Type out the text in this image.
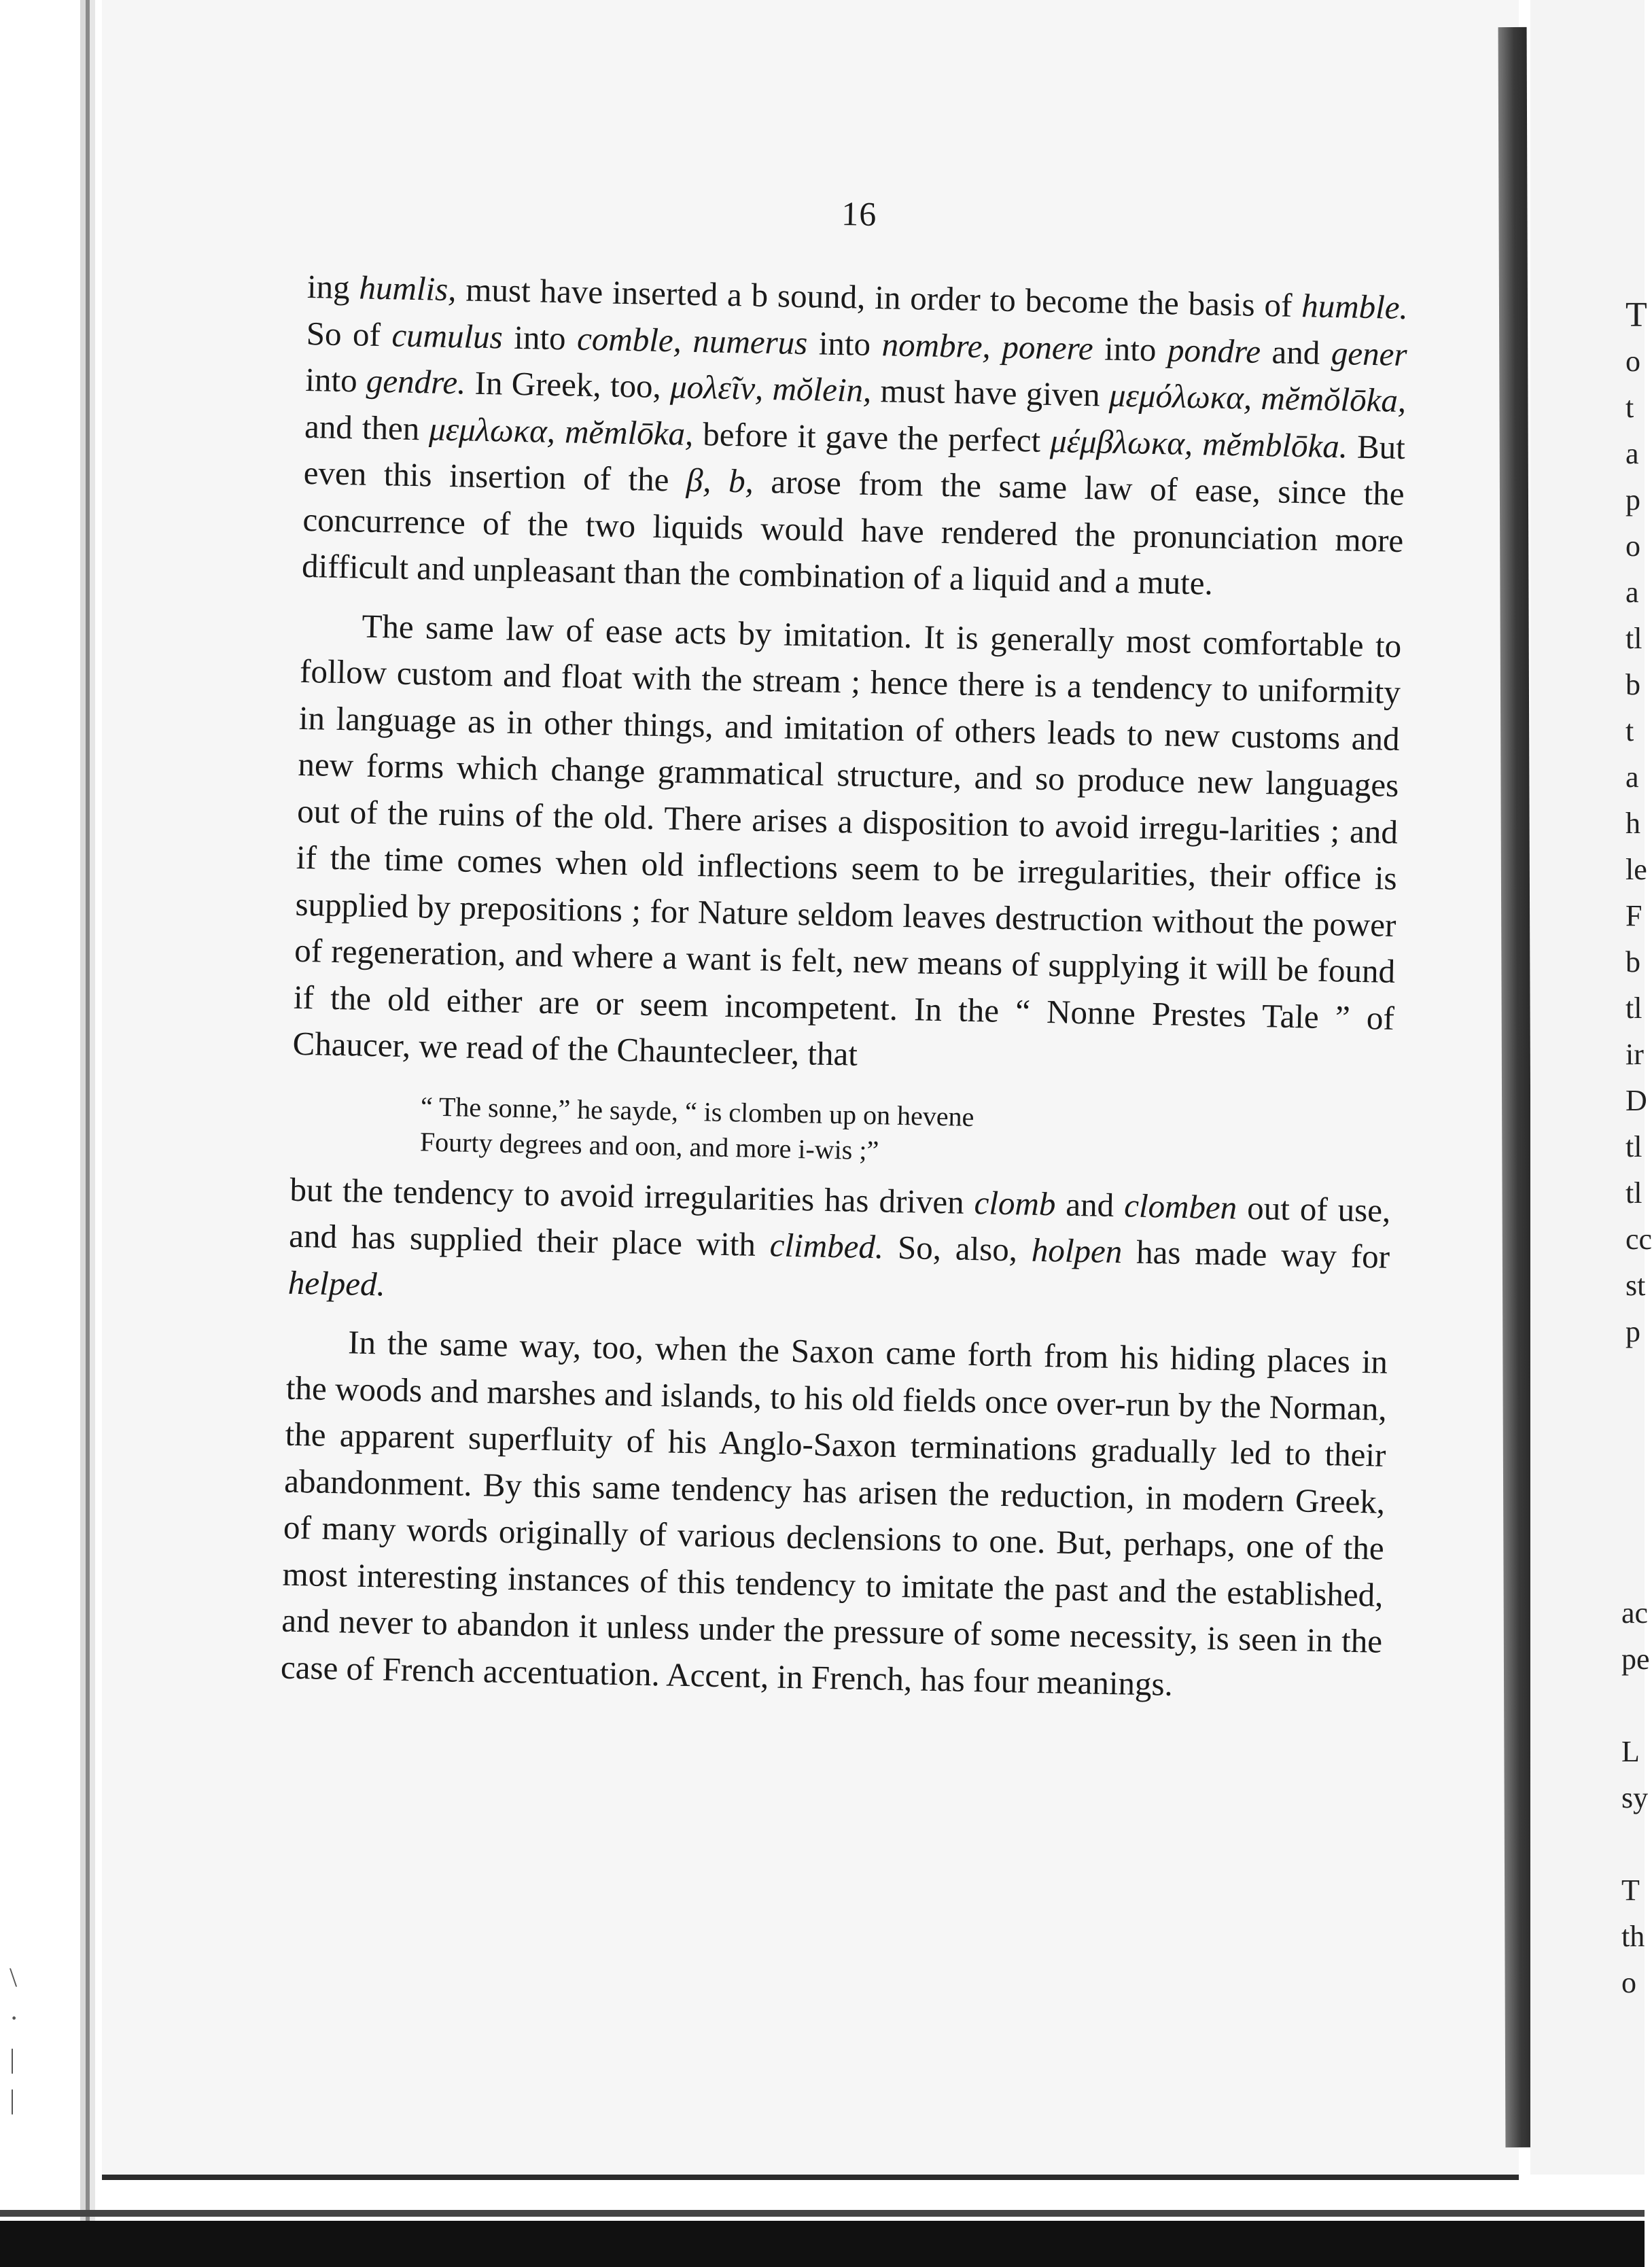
\
·
|
|
16

ing humlis, must have inserted a b sound, in order to become the basis of humble. So of cumulus into comble, numerus into nombre, ponere into pondre and gener into gendre. In Greek, too, μολεῖν, mŏlein, must have given μεμόλωκα, mĕmŏlōka, and then μεμλωκα, mĕmlōka, before it gave the perfect μέμβλωκα, mĕmblōka. But even this insertion of the β, b, arose from the same law of ease, since the concurrence of the two liquids would have rendered the pronunciation more difficult and unpleasant than the combination of a liquid and a mute.

The same law of ease acts by imitation. It is generally most comfortable to follow custom and float with the stream ; hence there is a tendency to uniformity in language as in other things, and imitation of others leads to new customs and new forms which change grammatical structure, and so produce new languages out of the ruins of the old. There arises a disposition to avoid irregu-larities ; and if the time comes when old inflections seem to be irregularities, their office is supplied by prepositions ; for Nature seldom leaves destruction without the power of regeneration, and where a want is felt, new means of supplying it will be found if the old either are or seem incompetent. In the “ Nonne Prestes Tale ” of Chaucer, we read of the Chauntecleer, that

“ The sonne,” he sayde, “ is clomben up on hevene
Fourty degrees and oon, and more i-wis ;”

but the tendency to avoid irregularities has driven clomb and clomben out of use, and has supplied their place with climbed. So, also, holpen has made way for helped.

In the same way, too, when the Saxon came forth from his hiding places in the woods and marshes and islands, to his old fields once over-run by the Norman, the apparent superfluity of his Anglo-Saxon terminations gradually led to their abandonment. By this same tendency has arisen the reduction, in modern Greek, of many words originally of various declensions to one. But, perhaps, one of the most interesting instances of this tendency to imitate the past and the established, and never to abandon it unless under the pressure of some necessity, is seen in the case of French accentuation. Accent, in French, has four meanings.

T
o
t
a
p
o
a
tl
b
t
a
h
le
F
b
tl
ir
D
tl
tl
cc
st
p
ac
pe
L
sy
T
th
o
